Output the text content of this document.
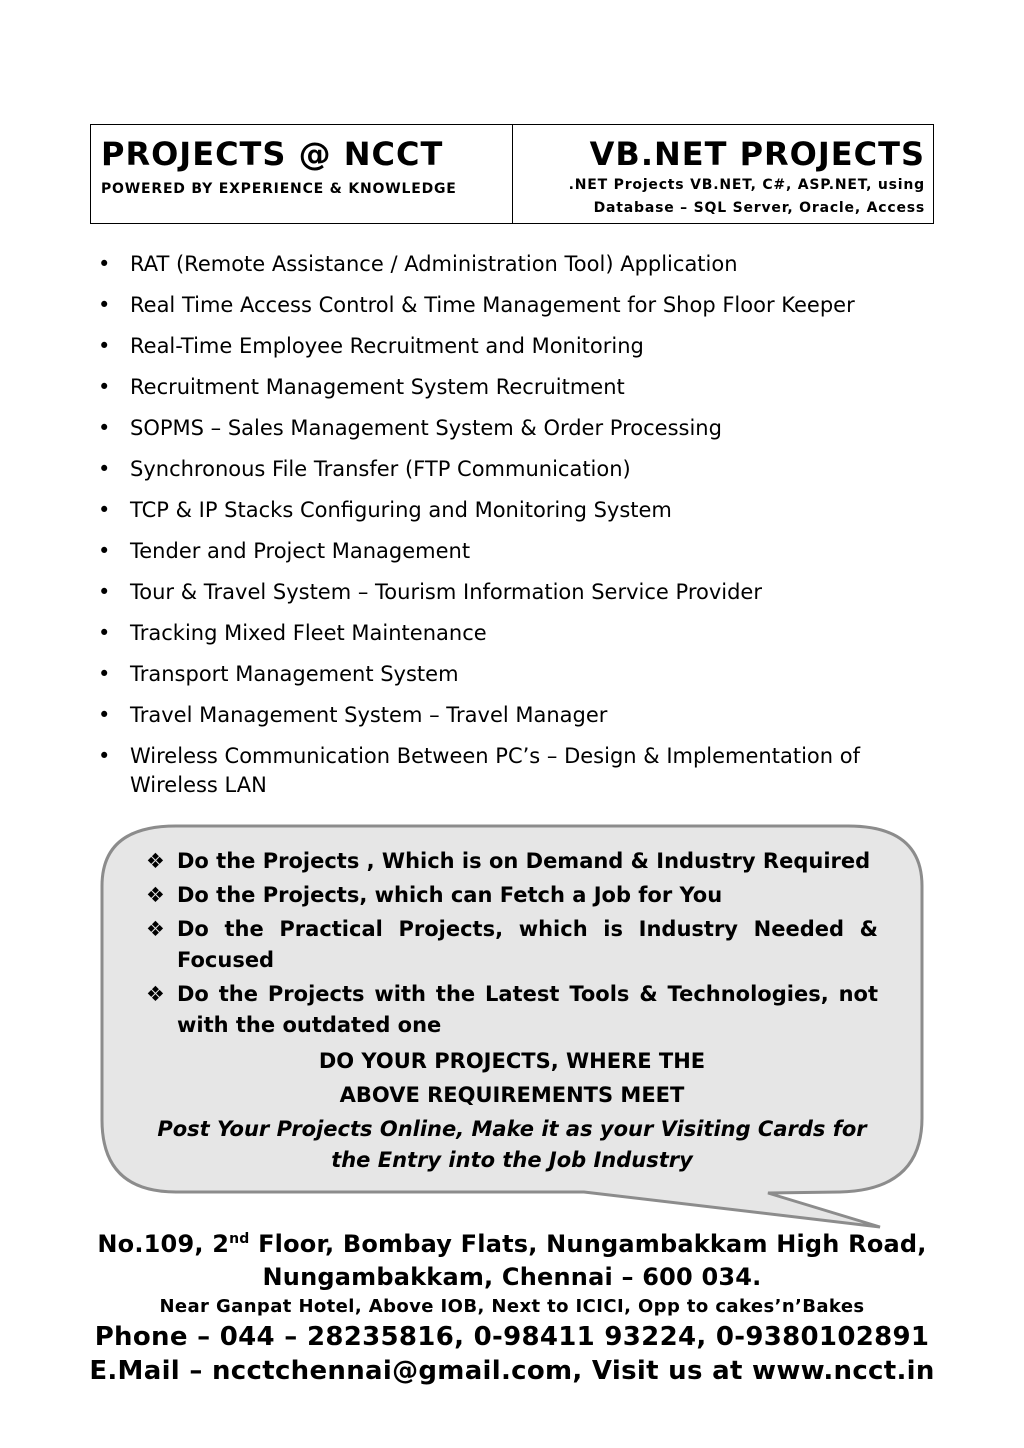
PROJECTS @ NCCT
POWERED BY EXPERIENCE & KNOWLEDGE
VB.NET PROJECTS
.NET Projects VB.NET, C#, ASP.NET, using
Database – SQL Server, Oracle, Access
• RAT (Remote Assistance / Administration Tool) Application
• Real Time Access Control & Time Management for Shop Floor Keeper
• Real-Time Employee Recruitment and Monitoring
• Recruitment Management System Recruitment
• SOPMS – Sales Management System & Order Processing
• Synchronous File Transfer (FTP Communication)
• TCP & IP Stacks Configuring and Monitoring System
• Tender and Project Management
• Tour & Travel System – Tourism Information Service Provider
• Tracking Mixed Fleet Maintenance
• Transport Management System
• Travel Management System – Travel Manager
• Wireless Communication Between PC’s – Design & Implementation of Wireless LAN
❖ Do the Projects , Which is on Demand & Industry Required
❖ Do the Projects, which can Fetch a Job for You
❖ Do the Practical Projects, which is Industry Needed & Focused
❖ Do the Projects with the Latest Tools & Technologies, not with the outdated one
DO YOUR PROJECTS, WHERE THE
ABOVE REQUIREMENTS MEET
Post Your Projects Online, Make it as your Visiting Cards for
the Entry into the Job Industry
No.109, 2nd Floor, Bombay Flats, Nungambakkam High Road,
Nungambakkam, Chennai – 600 034.
Near Ganpat Hotel, Above IOB, Next to ICICI, Opp to cakes’n’Bakes
Phone – 044 – 28235816, 0-98411 93224, 0-9380102891
E.Mail – ncctchennai@gmail.com, Visit us at www.ncct.in
